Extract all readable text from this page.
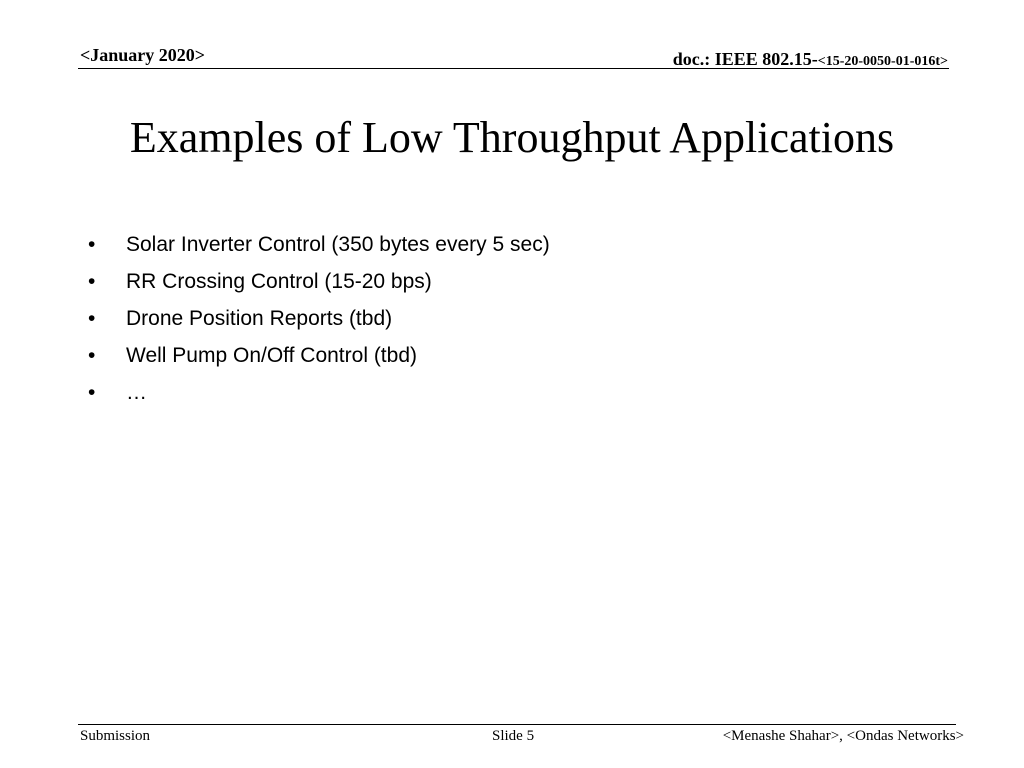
<January 2020>	doc.: IEEE 802.15-<15-20-0050-01-016t>
Examples of Low Throughput Applications
• Solar Inverter Control (350 bytes every 5 sec)
• RR Crossing Control (15-20 bps)
• Drone Position Reports (tbd)
• Well Pump On/Off Control (tbd)
• …
Submission	Slide 5	<Menashe Shahar>, <Ondas Networks>
